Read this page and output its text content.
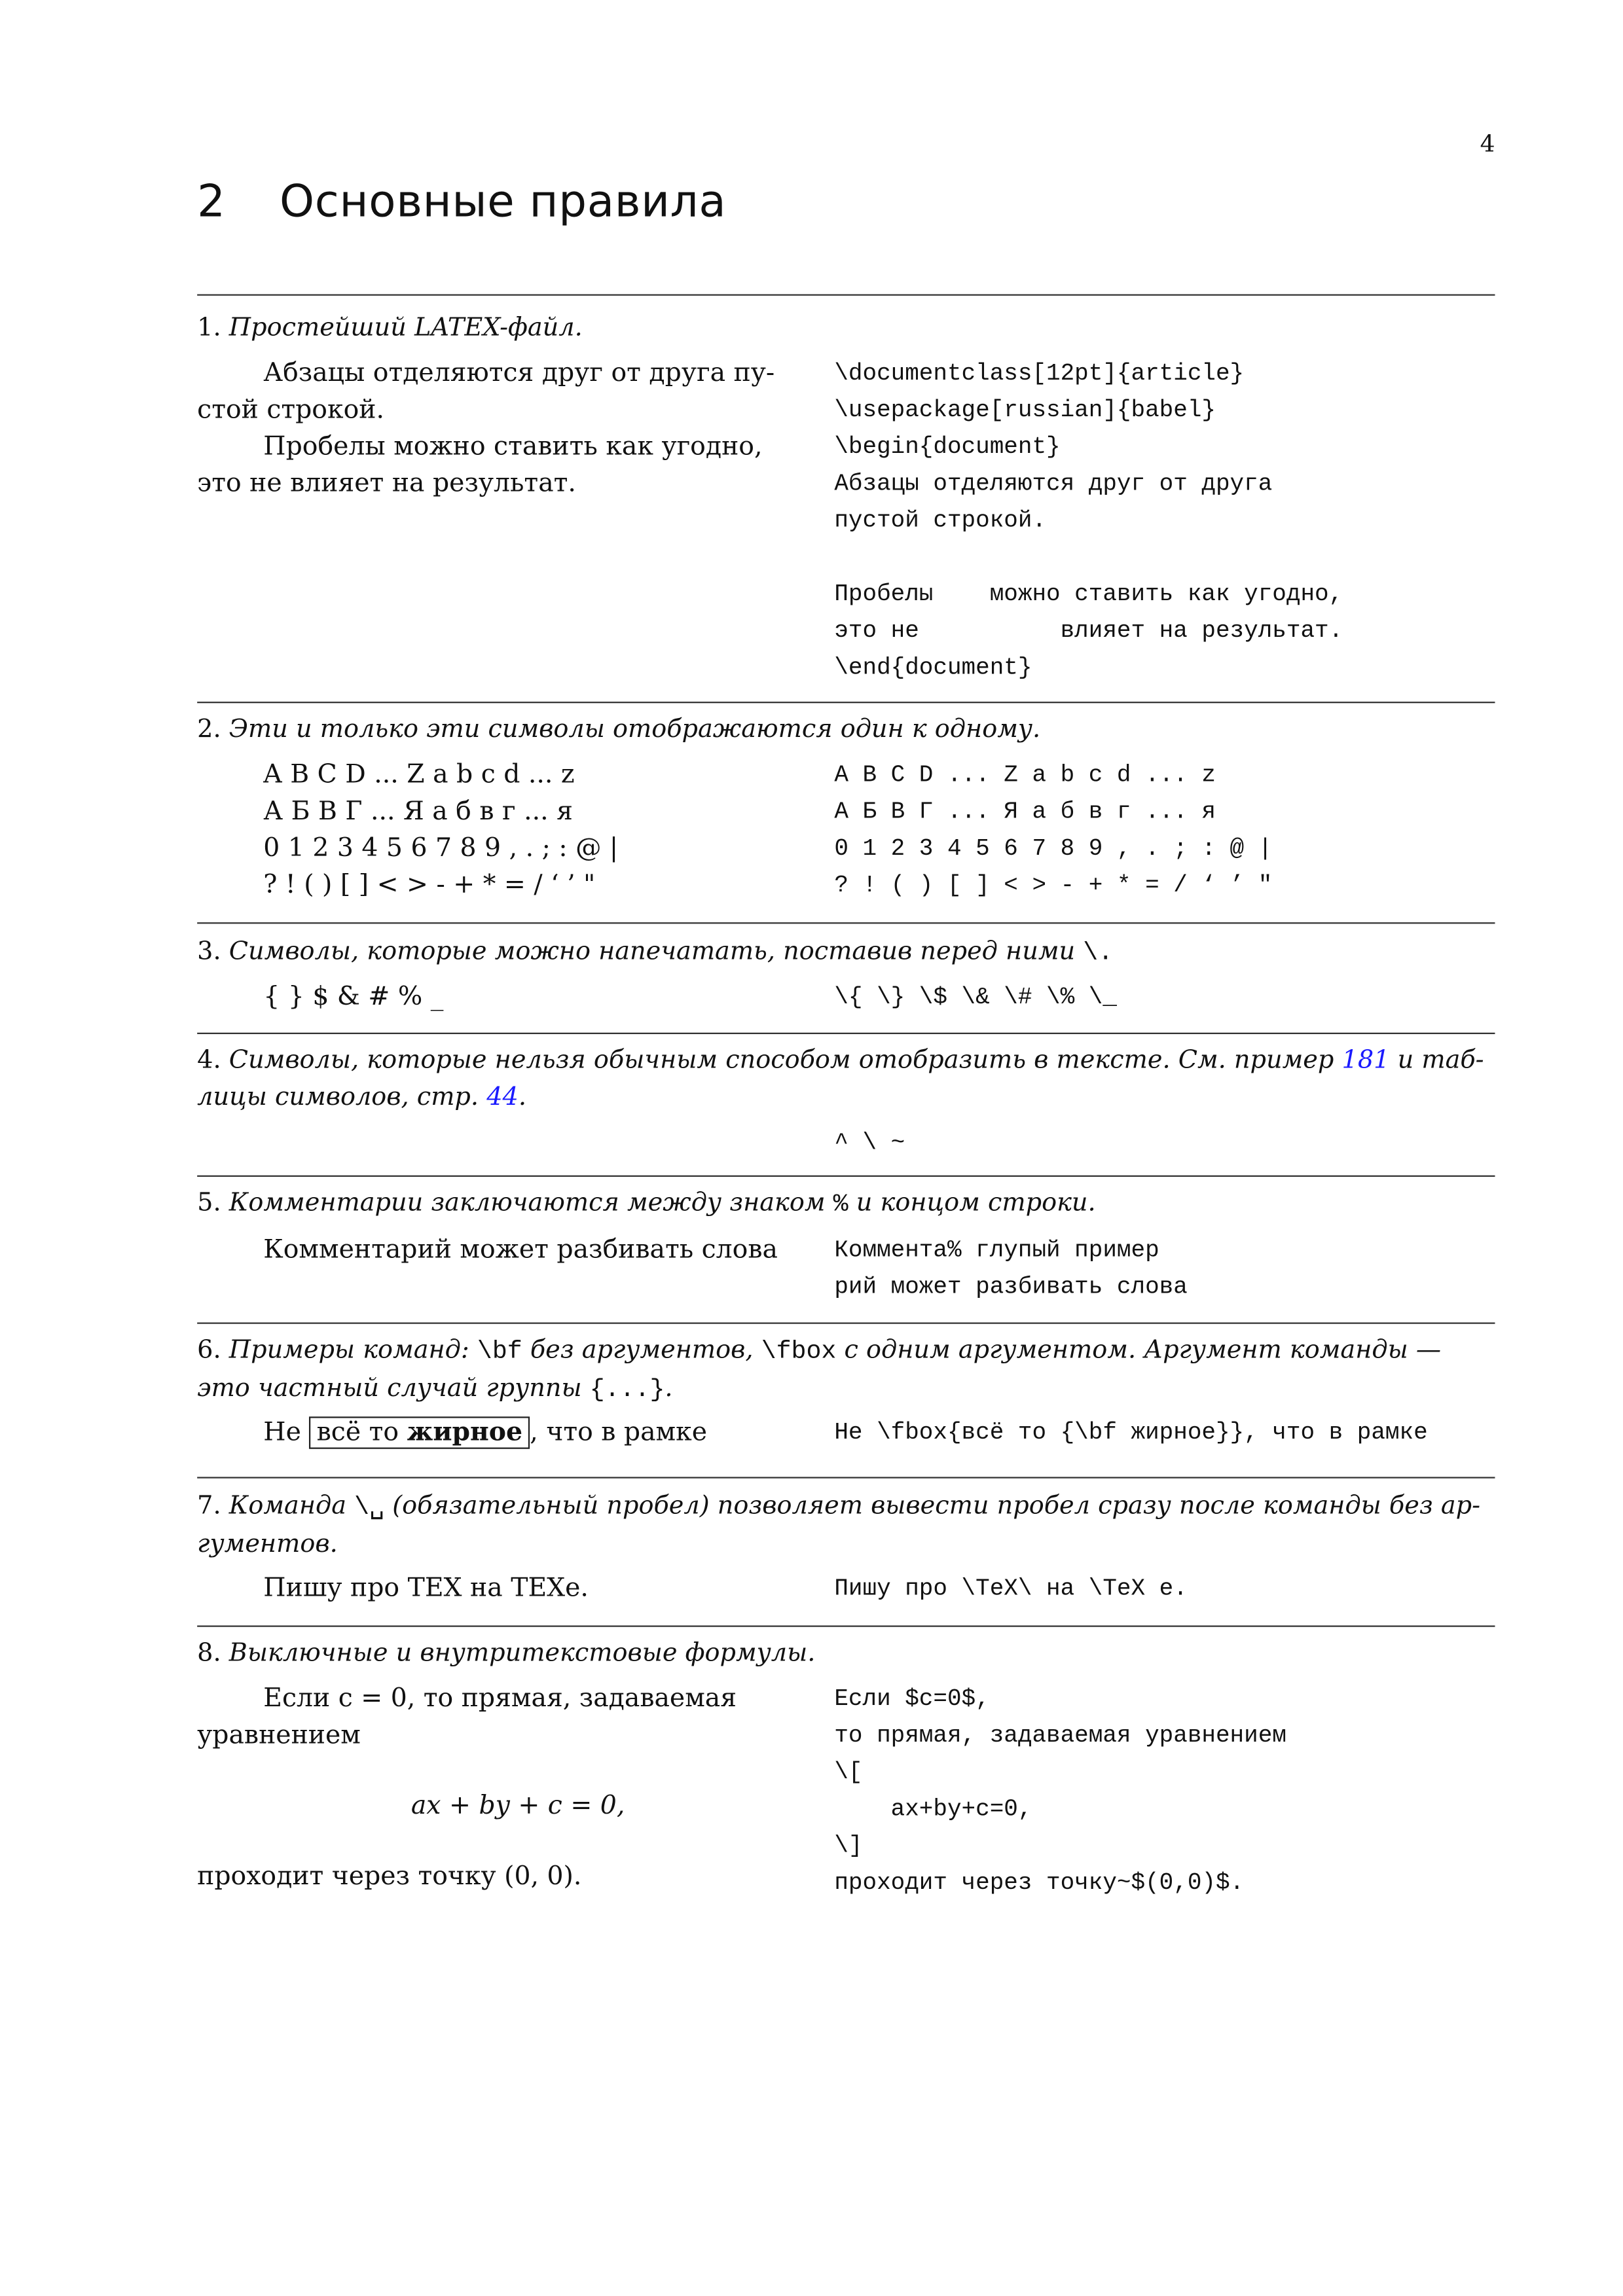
4
2	Основные правила
1. Простейший LATEX-файл.
Абзацы отделяются друг от друга пу-
стой строкой.
Пробелы можно ставить как угодно,
это не влияет на результат.
\documentclass[12pt]{article}
\usepackage[russian]{babel}
\begin{document}
Абзацы отделяются друг от друга
пустой строкой.
Пробелы    можно ставить как угодно,
это не          влияет на результат.
\end{document}
2. Эти и только эти символы отображаются один к одному.
A B C D ... Z a b c d ... z
А Б В Г ... Я а б в г ... я
0 1 2 3 4 5 6 7 8 9 , . ; : @ |
? ! ( ) [ ] < > - + * = / ‘ ’ "
A B C D ... Z a b c d ... z
А Б В Г ... Я а б в г ... я
0 1 2 3 4 5 6 7 8 9 , . ; : @ |
? ! ( ) [ ] < > - + * = / ‘ ’ "
3. Символы, которые можно напечатать, поставив перед ними \.
{ } $ & # % _	\{ \} \$ \& \# \% \_
4. Символы, которые нельзя обычным способом отобразить в тексте. См. пример 181 и таб-
лицы символов, стр. 44.
^ \ ~
5. Комментарии заключаются между знаком % и концом строки.
Комментарий может разбивать слова	Коммента% глупый пример
рий может разбивать слова
6. Примеры команд: \bf без аргументов, \fbox с одним аргументом. Аргумент команды —
это частный случай группы {...}.
Не всё то жирное , что в рамке	Не \fbox{всё то {\bf жирное}}, что в рамке
7. Команда \␣ (обязательный пробел) позволяет вывести пробел сразу после команды без ар-
гументов.
Пишу про TEX на TEXе.	Пишу про \TeX\ на \TeX е.
8. Выключные и внутритекстовые формулы.
Если c = 0, то прямая, задаваемая
уравнением
ax + by + c = 0,
проходит через точку (0, 0).
Если $c=0$,
то прямая, задаваемая уравнением
\[
ax+by+c=0,
\]
проходит через точку~$(0,0)$.
